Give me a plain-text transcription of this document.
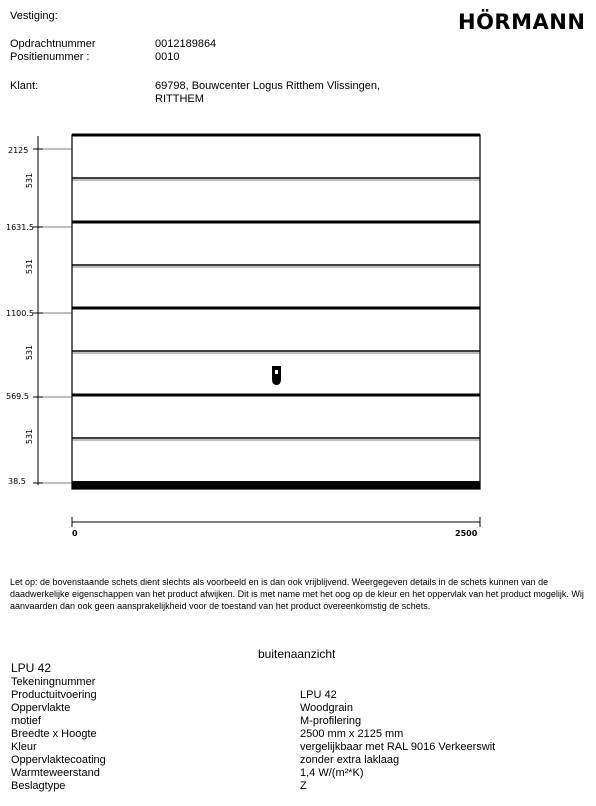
Vestiging:	HÖRMANN
Opdrachtnummer	0012189864
Positienummer :	0010
Klant:	69798, Bouwcenter Logus Ritthem Vlissingen,
RITTHEM
2125
1631.5
1100.5
569.5
38.5
531
531
531
531
0	2500
Let op: de bovenstaande schets dient slechts als voorbeeld en is dan ook vrijblijvend. Weergegeven details in de schets kunnen van de daadwerkelijke eigenschappen van het product afwijken. Dit is met name met het oog op de kleur en het oppervlak van het product mogelijk. Wij aanvaarden dan ook geen aansprakelijkheid voor de toestand van het product overeenkomstig de schets.
buitenaanzicht
LPU 42
Tekeningnummer
Productuitvoering	LPU 42
Oppervlakte	Woodgrain
motief	M-profilering
Breedte x Hoogte	2500 mm x 2125 mm
Kleur	vergelijkbaar met RAL 9016 Verkeerswit
Oppervlaktecoating	zonder extra laklaag
Warmteweerstand	1,4 W/(m²*K)
Beslagtype	Z
